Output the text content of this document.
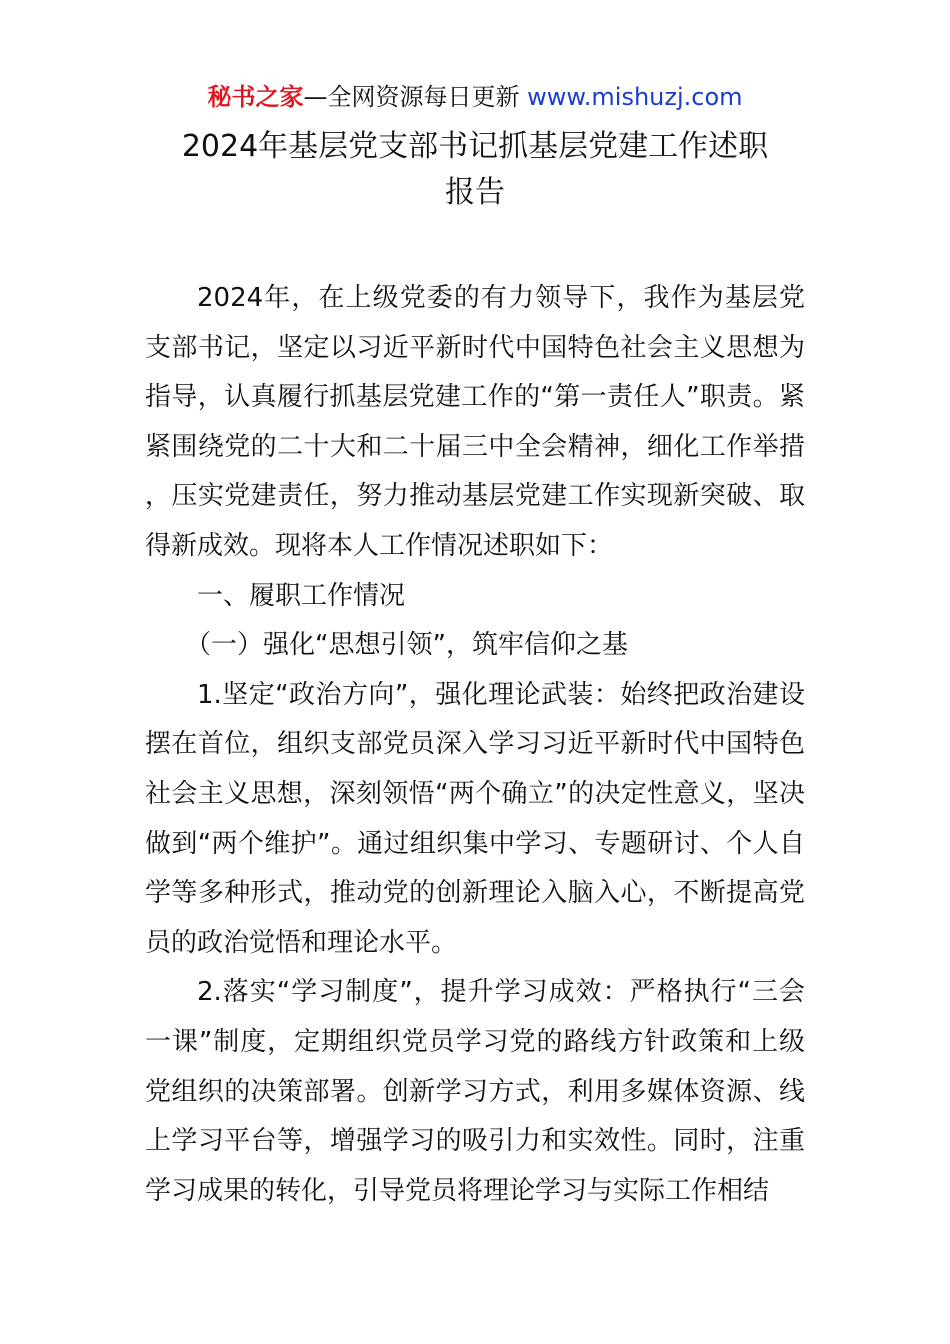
秘书之家—全网资源每日更新 www.mishuzj.com
2024年基层党支部书记抓基层党建工作述职
报告

2024年，在上级党委的有力领导下，我作为基层党支部书记，坚定以习近平新时代中国特色社会主义思想为指导，认真履行抓基层党建工作的“第一责任人”职责。紧紧围绕党的二十大和二十届三中全会精神，细化工作举措，压实党建责任，努力推动基层党建工作实现新突破、取得新成效。现将本人工作情况述职如下：

一、履职工作情况

（一）强化“思想引领”，筑牢信仰之基

1.坚定“政治方向”，强化理论武装：始终把政治建设摆在首位，组织支部党员深入学习习近平新时代中国特色社会主义思想，深刻领悟“两个确立”的决定性意义，坚决做到“两个维护”。通过组织集中学习、专题研讨、个人自学等多种形式，推动党的创新理论入脑入心，不断提高党员的政治觉悟和理论水平。

2.落实“学习制度”，提升学习成效：严格执行“三会一课”制度，定期组织党员学习党的路线方针政策和上级党组织的决策部署。创新学习方式，利用多媒体资源、线上学习平台等，增强学习的吸引力和实效性。同时，注重学习成果的转化，引导党员将理论学习与实际工作相结
